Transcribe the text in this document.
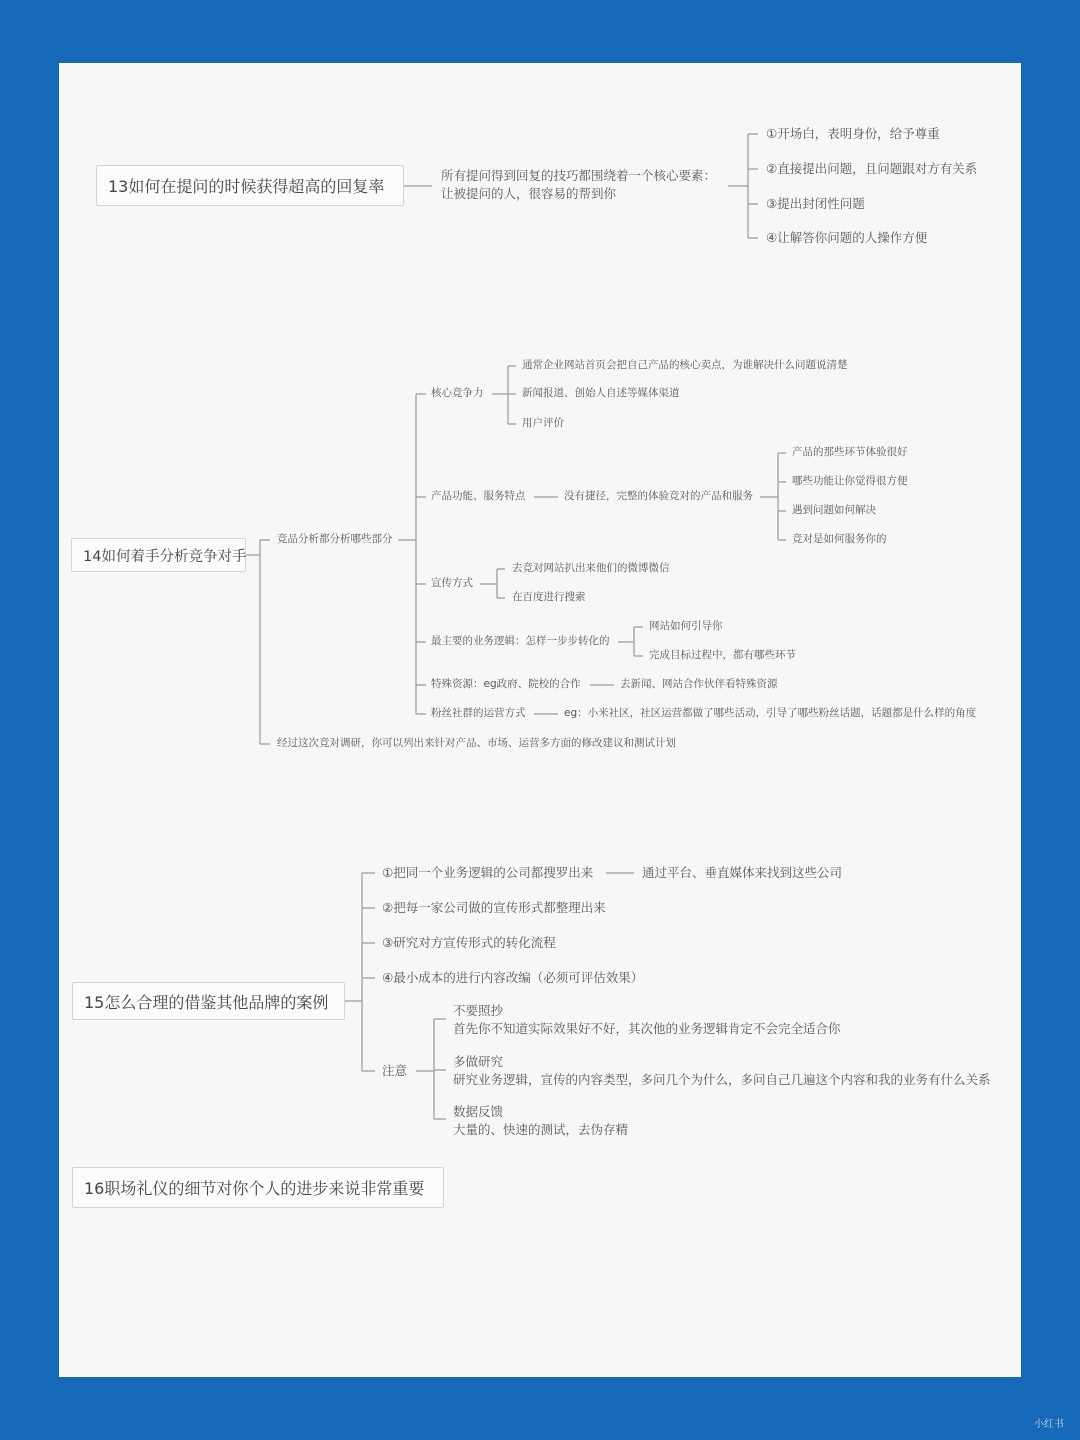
13如何在提问的时候获得超高的回复率
所有提问得到回复的技巧都围绕着一个核心要素：
让被提问的人，很容易的帮到你
①开场白，表明身份，给予尊重
②直接提出问题，且问题跟对方有关系
③提出封闭性问题
④让解答你问题的人操作方便
14如何着手分析竞争对手
竞品分析都分析哪些部分
经过这次竞对调研，你可以列出来针对产品、市场、运营多方面的修改建议和测试计划
核心竞争力
通常企业网站首页会把自己产品的核心卖点，为谁解决什么问题说清楚
新闻报道、创始人自述等媒体渠道
用户评价
产品功能、服务特点	没有捷径，完整的体验竞对的产品和服务
产品的那些环节体验很好
哪些功能让你觉得很方便
遇到问题如何解决
竞对是如何服务你的
宣传方式
去竞对网站扒出来他们的微博微信
在百度进行搜索
最主要的业务逻辑：怎样一步步转化的
网站如何引导你
完成目标过程中，都有哪些环节
特殊资源：eg政府、院校的合作	去新闻、网站合作伙伴看特殊资源
粉丝社群的运营方式	eg：小米社区，社区运营都做了哪些活动，引导了哪些粉丝话题，话题都是什么样的角度
15怎么合理的借鉴其他品牌的案例
①把同一个业务逻辑的公司都搜罗出来	通过平台、垂直媒体来找到这些公司
②把每一家公司做的宣传形式都整理出来
③研究对方宣传形式的转化流程
④最小成本的进行内容改编（必须可评估效果）
注意
不要照抄
首先你不知道实际效果好不好，其次他的业务逻辑肯定不会完全适合你
多做研究
研究业务逻辑，宣传的内容类型，多问几个为什么，多问自己几遍这个内容和我的业务有什么关系
数据反馈
大量的、快速的测试，去伪存精
16职场礼仪的细节对你个人的进步来说非常重要
小红书
